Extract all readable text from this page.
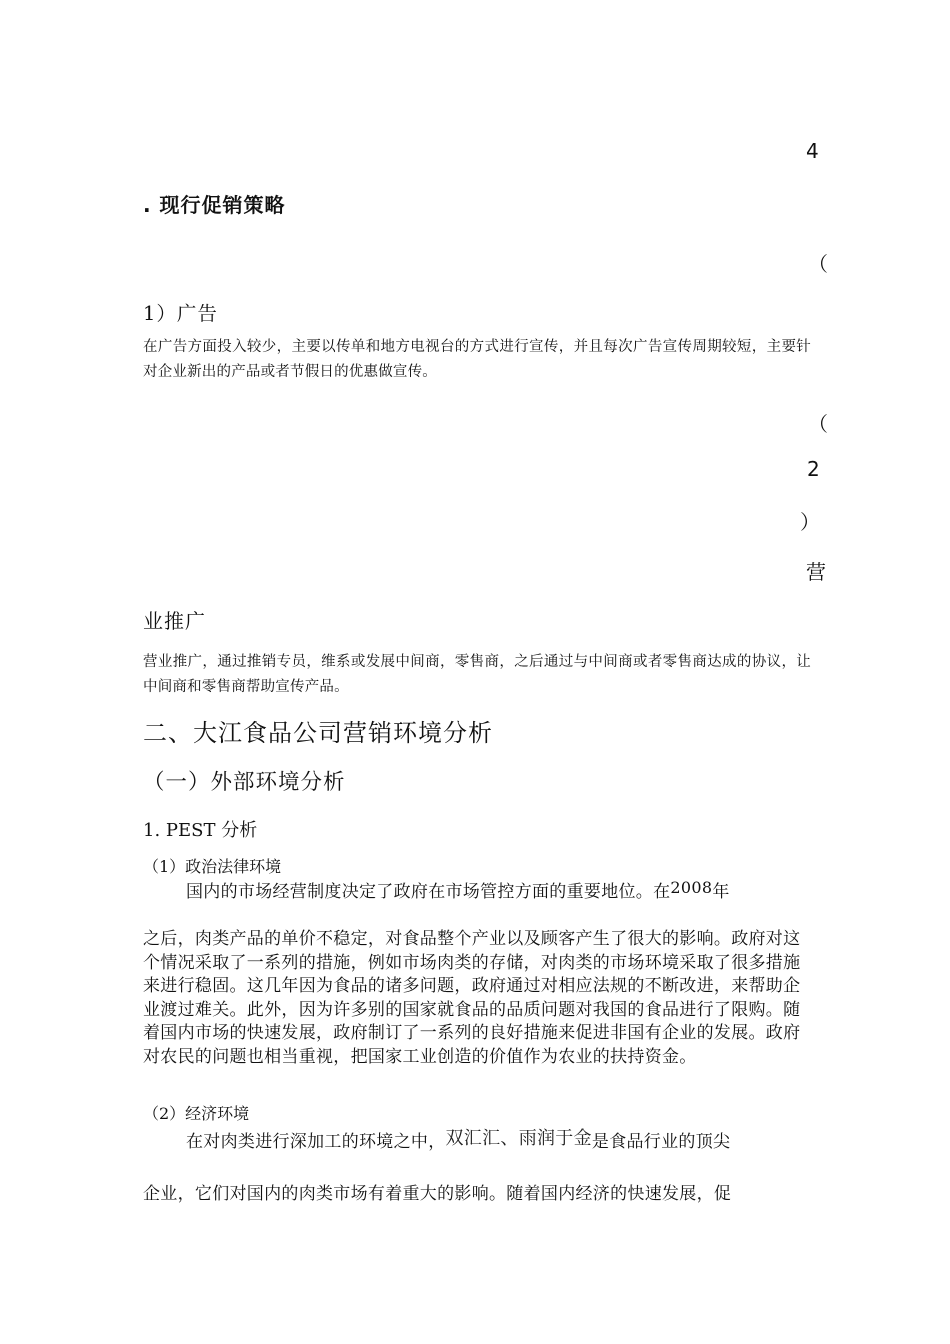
4
. 现行促销策略
（
1）广告
在广告方面投入较少，主要以传单和地方电视台的方式进行宣传，并且每次广告宣传周期较短，主要针对企业新出的产品或者节假日的优惠做宣传。
（
2
）
营
业推广
营业推广，通过推销专员，维系或发展中间商，零售商，之后通过与中间商或者零售商达成的协议，让中间商和零售商帮助宣传产品。
二、大江食品公司营销环境分析
（一）外部环境分析
1. PEST 分析
（1）政治法律环境
国内的市场经营制度决定了政府在市场管控方面的重要地位。在2008年
之后，肉类产品的单价不稳定，对食品整个产业以及顾客产生了很大的影响。政府对这个情况采取了一系列的措施，例如市场肉类的存储，对肉类的市场环境采取了很多措施来进行稳固。这几年因为食品的诸多问题，政府通过对相应法规的不断改进，来帮助企业渡过难关。此外，因为许多别的国家就食品的品质问题对我国的食品进行了限购。随着国内市场的快速发展，政府制订了一系列的良好措施来促进非国有企业的发展。政府对农民的问题也相当重视，把国家工业创造的价值作为农业的扶持资金。
（2）经济环境
在对肉类进行深加工的环境之中，双汇汇、雨润于金是食品行业的顶尖
企业，它们对国内的肉类市场有着重大的影响。随着国内经济的快速发展，促
